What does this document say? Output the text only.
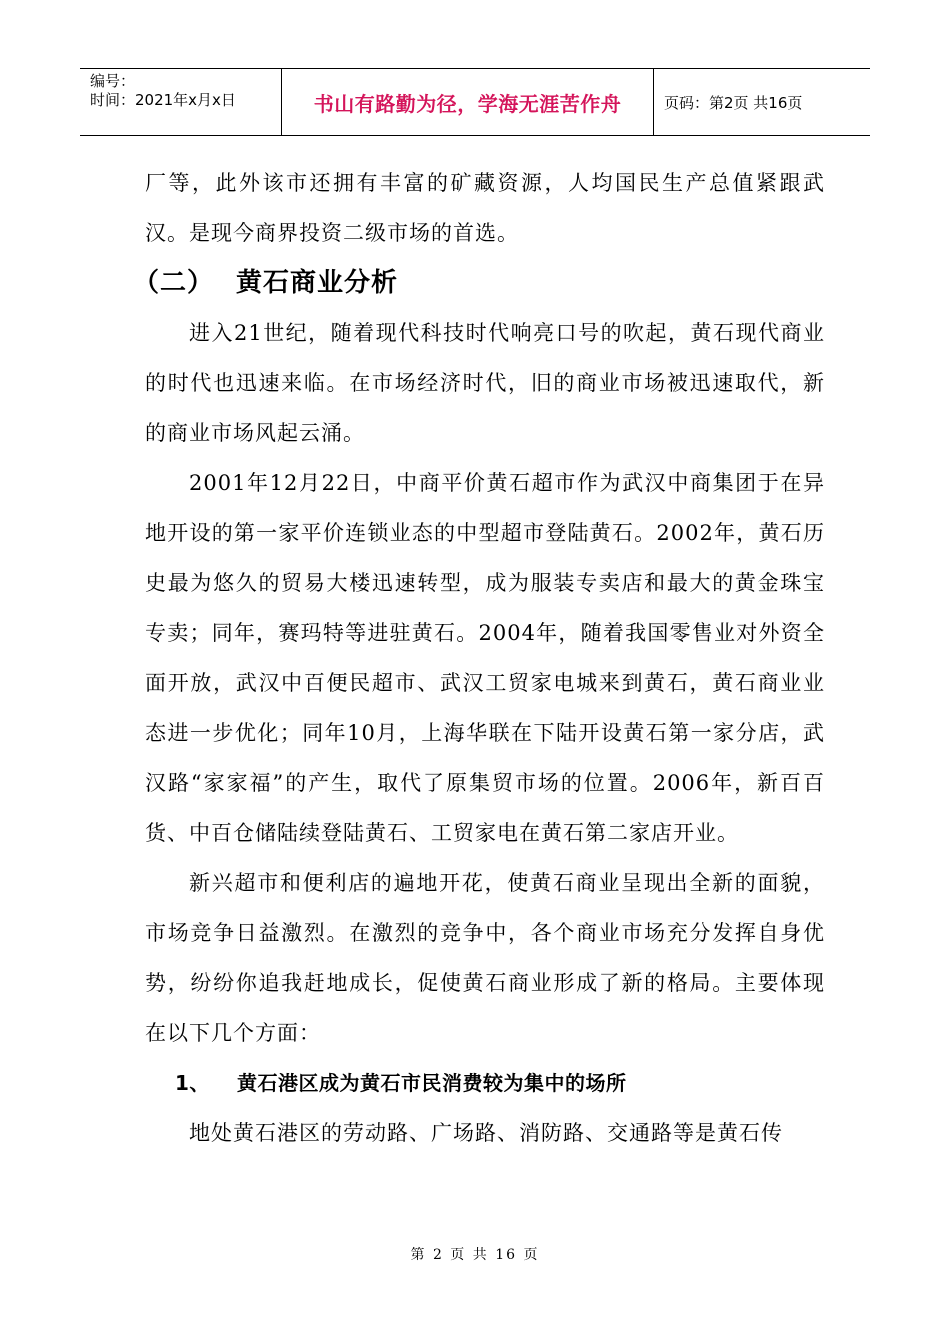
编号：
时间：2021年x月x日	书山有路勤为径，学海无涯苦作舟	页码：第2页 共16页

厂等，此外该市还拥有丰富的矿藏资源，人均国民生产总值紧跟武汉。是现今商界投资二级市场的首选。

（二） 黄石商业分析

进入21世纪，随着现代科技时代响亮口号的吹起，黄石现代商业的时代也迅速来临。在市场经济时代，旧的商业市场被迅速取代，新的商业市场风起云涌。

2001年12月22日，中商平价黄石超市作为武汉中商集团于在异地开设的第一家平价连锁业态的中型超市登陆黄石。2002年，黄石历史最为悠久的贸易大楼迅速转型，成为服装专卖店和最大的黄金珠宝专卖；同年，赛玛特等进驻黄石。2004年，随着我国零售业对外资全面开放，武汉中百便民超市、武汉工贸家电城来到黄石，黄石商业业态进一步优化；同年10月，上海华联在下陆开设黄石第一家分店，武汉路“家家福”的产生，取代了原集贸市场的位置。2006年，新百百货、中百仓储陆续登陆黄石、工贸家电在黄石第二家店开业。

新兴超市和便利店的遍地开花，使黄石商业呈现出全新的面貌，市场竞争日益激烈。在激烈的竞争中，各个商业市场充分发挥自身优势，纷纷你追我赶地成长，促使黄石商业形成了新的格局。主要体现在以下几个方面：

1、 黄石港区成为黄石市民消费较为集中的场所

地处黄石港区的劳动路、广场路、消防路、交通路等是黄石传

第 2 页 共 16 页
